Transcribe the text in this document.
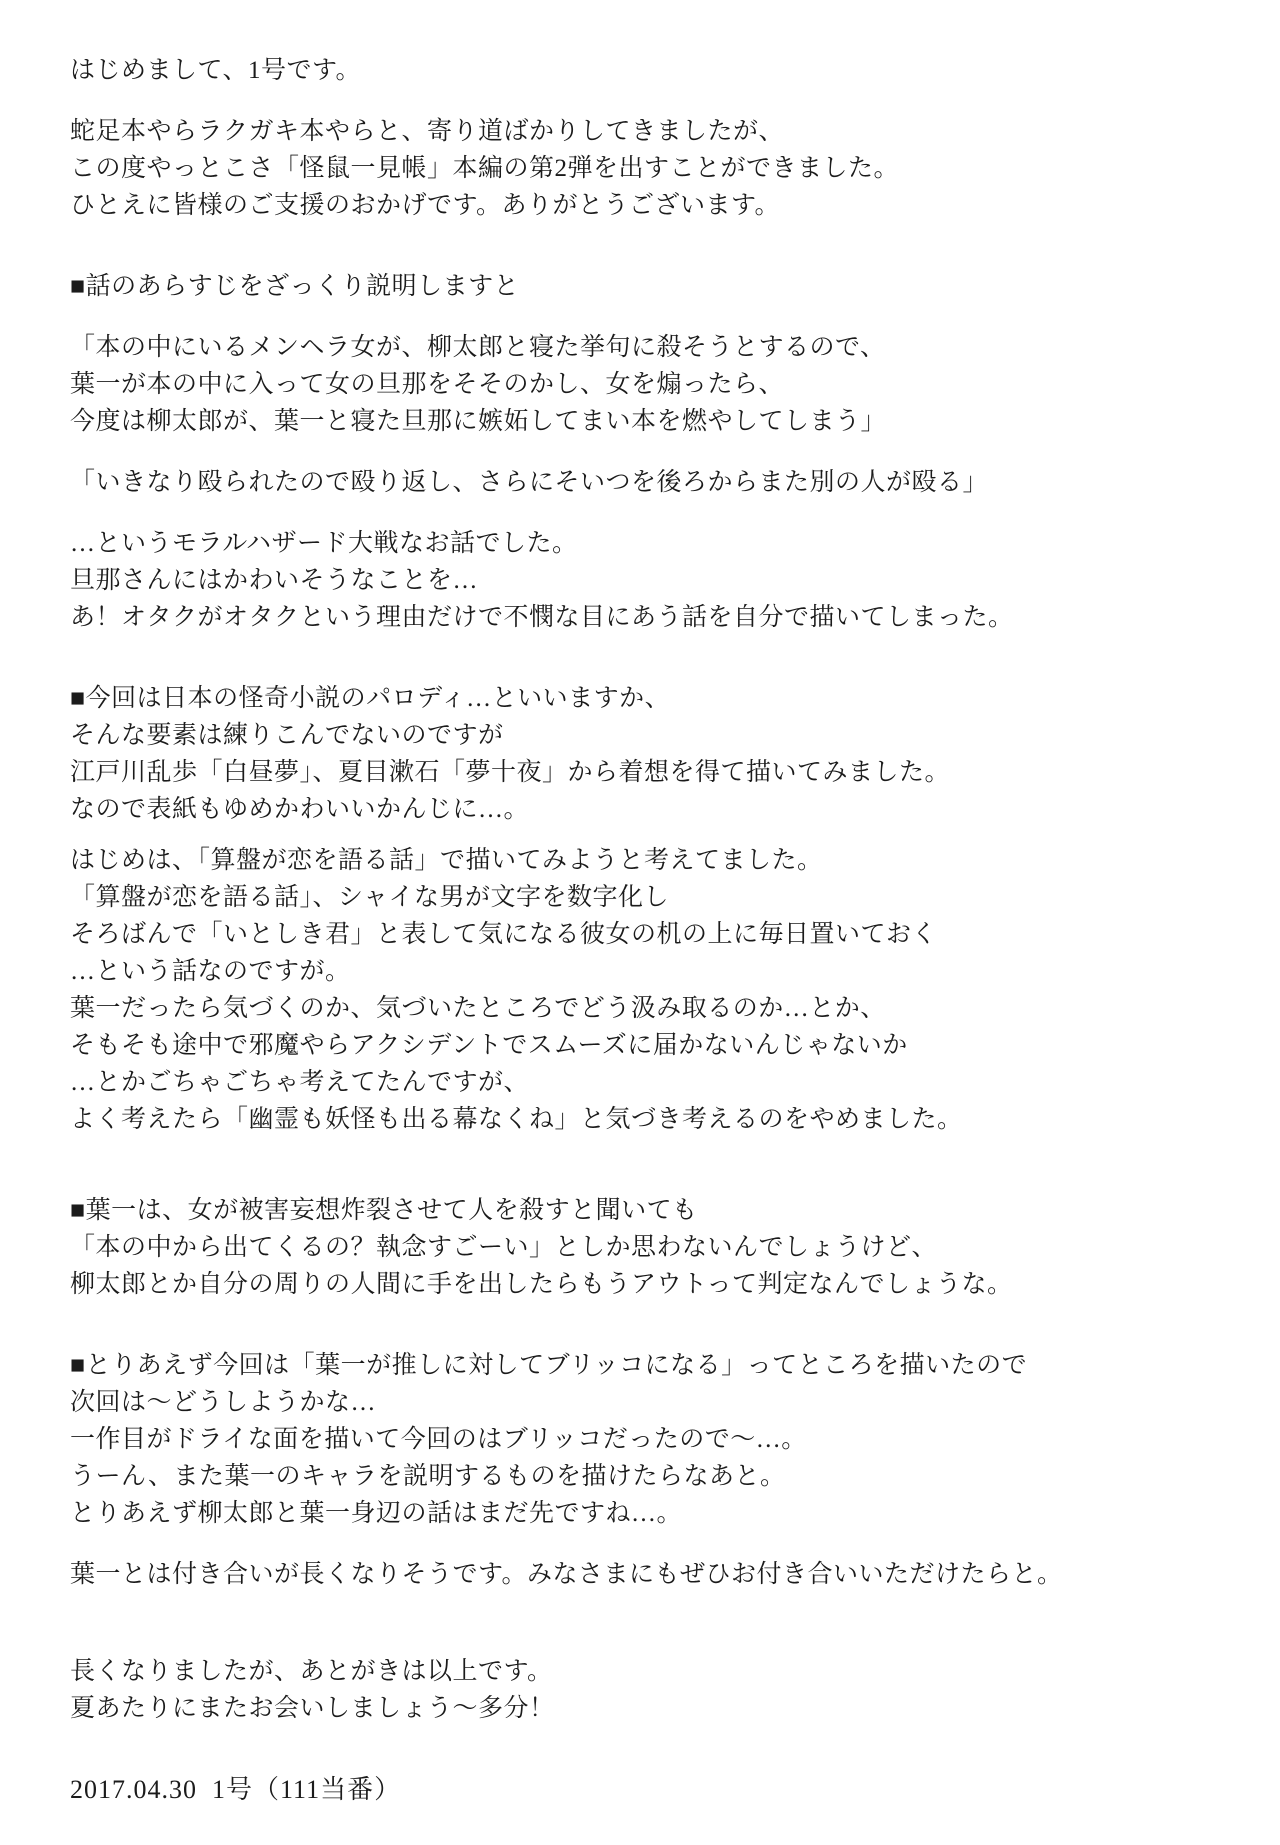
はじめまして、1号です。
蛇足本やらラクガキ本やらと、寄り道ばかりしてきましたが、
この度やっとこさ「怪鼠一見帳」本編の第2弾を出すことができました。
ひとえに皆様のご支援のおかげです。ありがとうございます。
■話のあらすじをざっくり説明しますと
「本の中にいるメンヘラ女が、柳太郎と寝た挙句に殺そうとするので、
葉一が本の中に入って女の旦那をそそのかし、女を煽ったら、
今度は柳太郎が、葉一と寝た旦那に嫉妬してまい本を燃やしてしまう」
「いきなり殴られたので殴り返し、さらにそいつを後ろからまた別の人が殴る」
…というモラルハザード大戦なお話でした。
旦那さんにはかわいそうなことを…
あ！オタクがオタクという理由だけで不憫な目にあう話を自分で描いてしまった。
■今回は日本の怪奇小説のパロディ…といいますか、
そんな要素は練りこんでないのですが
江戸川乱歩「白昼夢」、夏目漱石「夢十夜」から着想を得て描いてみました。
なので表紙もゆめかわいいかんじに…。
はじめは、「算盤が恋を語る話」で描いてみようと考えてました。
「算盤が恋を語る話」、シャイな男が文字を数字化し
そろばんで「いとしき君」と表して気になる彼女の机の上に毎日置いておく
…という話なのですが。
葉一だったら気づくのか、気づいたところでどう汲み取るのか…とか、
そもそも途中で邪魔やらアクシデントでスムーズに届かないんじゃないか
…とかごちゃごちゃ考えてたんですが、
よく考えたら「幽霊も妖怪も出る幕なくね」と気づき考えるのをやめました。
■葉一は、女が被害妄想炸裂させて人を殺すと聞いても
「本の中から出てくるの？執念すごーい」としか思わないんでしょうけど、
柳太郎とか自分の周りの人間に手を出したらもうアウトって判定なんでしょうな。
■とりあえず今回は「葉一が推しに対してブリッコになる」ってところを描いたので
次回は～どうしようかな…
一作目がドライな面を描いて今回のはブリッコだったので～…。
うーん、また葉一のキャラを説明するものを描けたらなあと。
とりあえず柳太郎と葉一身辺の話はまだ先ですね…。
葉一とは付き合いが長くなりそうです。みなさまにもぜひお付き合いいただけたらと。
長くなりましたが、あとがきは以上です。
夏あたりにまたお会いしましょう～多分！
2017.04.30  1号（111当番）
